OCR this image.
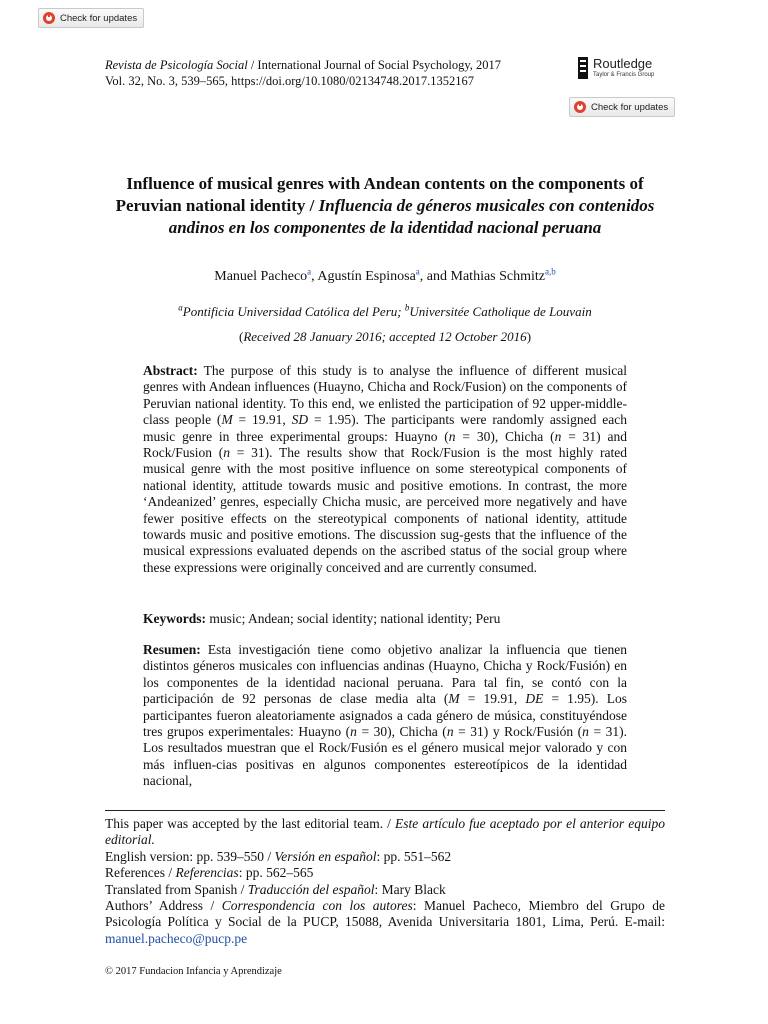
Check for updates
Revista de Psicología Social / International Journal of Social Psychology, 2017
Vol. 32, No. 3, 539–565, https://doi.org/10.1080/02134748.2017.1352167
Routledge
Taylor & Francis Group
Check for updates
Influence of musical genres with Andean contents on the components of Peruvian national identity / Influencia de géneros musicales con contenidos andinos en los componentes de la identidad nacional peruana
Manuel Pacheco$^a$, Agustín Espinosa$^a$, and Mathias Schmitz$^{a,b}$
$^a$Pontificia Universidad Católica del Peru; $^b$Universitée Catholique de Louvain
(Received 28 January 2016; accepted 12 October 2016)
Abstract: The purpose of this study is to analyse the influence of different musical genres with Andean influences (Huayno, Chicha and Rock/Fusion) on the components of Peruvian national identity. To this end, we enlisted the participation of 92 upper-middle-class people (M = 19.91, SD = 1.95). The participants were randomly assigned each music genre in three experimental groups: Huayno (n = 30), Chicha (n = 31) and Rock/Fusion (n = 31). The results show that Rock/Fusion is the most highly rated musical genre with the most positive influence on some stereotypical components of national identity, attitude towards music and positive emotions. In contrast, the more ‘Andeanized’ genres, especially Chicha music, are perceived more negatively and have fewer positive effects on the stereotypical components of national identity, attitude towards music and positive emotions. The discussion sug-gests that the influence of the musical expressions evaluated depends on the ascribed status of the social group where these expressions were originally conceived and are currently consumed.
Keywords: music; Andean; social identity; national identity; Peru
Resumen: Esta investigación tiene como objetivo analizar la influencia que tienen distintos géneros musicales con influencias andinas (Huayno, Chicha y Rock/Fusión) en los componentes de la identidad nacional peruana. Para tal fin, se contó con la participación de 92 personas de clase media alta (M = 19.91, DE = 1.95). Los participantes fueron aleatoriamente asignados a cada género de música, constituyéndose tres grupos experimentales: Huayno (n = 30), Chicha (n = 31) y Rock/Fusión (n = 31). Los resultados muestran que el Rock/Fusión es el género musical mejor valorado y con más influen-cias positivas en algunos componentes estereotípicos de la identidad nacional,
This paper was accepted by the last editorial team. / Este artículo fue aceptado por el anterior equipo editorial.
English version: pp. 539–550 / Versión en español: pp. 551–562
References / Referencias: pp. 562–565
Translated from Spanish / Traducción del español: Mary Black
Authors’ Address / Correspondencia con los autores: Manuel Pacheco, Miembro del Grupo de Psicología Política y Social de la PUCP, 15088, Avenida Universitaria 1801, Lima, Perú. E-mail: manuel.pacheco@pucp.pe
© 2017 Fundacion Infancia y Aprendizaje
